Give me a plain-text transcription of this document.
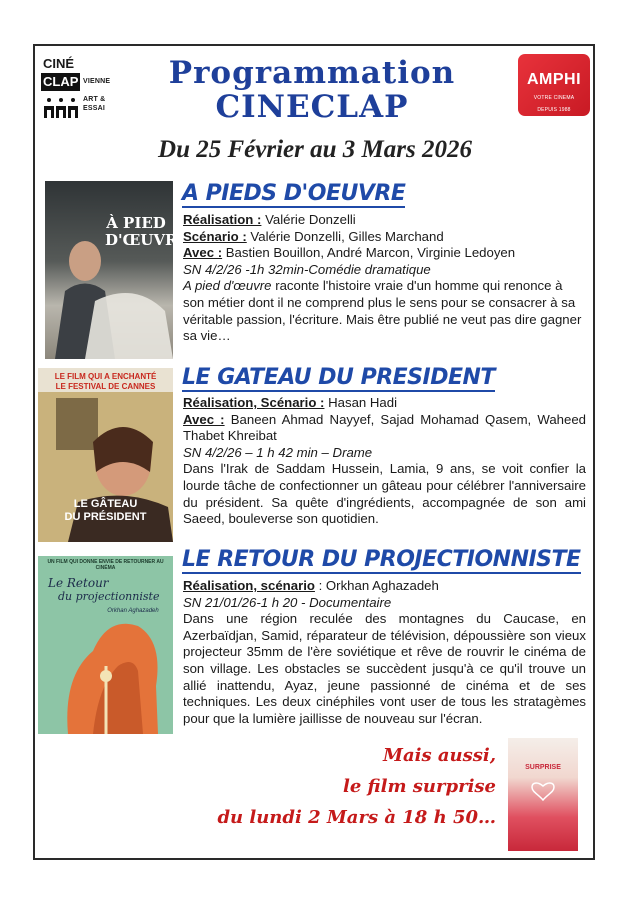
CINÉ
CLAP VIENNE
ART &
ESSAI
AMPHI
VOTRE CINEMA
DEPUIS 1988
Programmation
CINECLAP
Du 25 Février au 3 Mars 2026
À PIED D'ŒUVRE
A PIEDS D'OEUVRE

Réalisation : Valérie Donzelli

Scénario : Valérie Donzelli, Gilles Marchand

Avec : Bastien Bouillon, André Marcon, Virginie Ledoyen

SN 4/2/26 -1h 32min-Comédie dramatique

A pied d'œuvre raconte l'histoire vraie d'un homme qui renonce à son métier dont il ne comprend plus le sens pour se consacrer à sa véritable passion, l'écriture. Mais être publié ne veut pas dire gagner sa vie…

LE FILM QUI A ENCHANTÉ
LE FESTIVAL DE CANNES
LE GÂTEAU
DU PRÉSIDENT
LE GATEAU DU PRESIDENT

Réalisation, Scénario : Hasan Hadi

Avec : Baneen Ahmad Nayyef, Sajad Mohamad Qasem, Waheed Thabet Khreibat

SN 4/2/26 – 1 h 42 min – Drame

Dans l'Irak de Saddam Hussein, Lamia, 9 ans, se voit confier la lourde tâche de confectionner un gâteau pour célébrer l'anniversaire du président. Sa quête d'ingrédients, accompagnée de son ami Saeed, bouleverse son quotidien.

UN FILM QUI DONNE ENVIE DE RETOURNER AU CINÉMA
Le Retour
du projectionniste
Orkhan Aghazadeh
LE RETOUR DU PROJECTIONNISTE

Réalisation, scénario : Orkhan Aghazadeh

SN 21/01/26-1 h 20 - Documentaire

Dans une région reculée des montagnes du Caucase, en Azerbaïdjan, Samid, réparateur de télévision, dépoussière son vieux projecteur 35mm de l'ère soviétique et rêve de rouvrir le cinéma de son village. Les obstacles se succèdent jusqu'à ce qu'il trouve un allié inattendu, Ayaz, jeune passionné de cinéma et de ses techniques. Les deux cinéphiles vont user de tous les stratagèmes pour que la lumière jaillisse de nouveau sur l'écran.

Mais aussi,
le film surprise
du lundi 2 Mars à 18 h 50…
SURPRISE
